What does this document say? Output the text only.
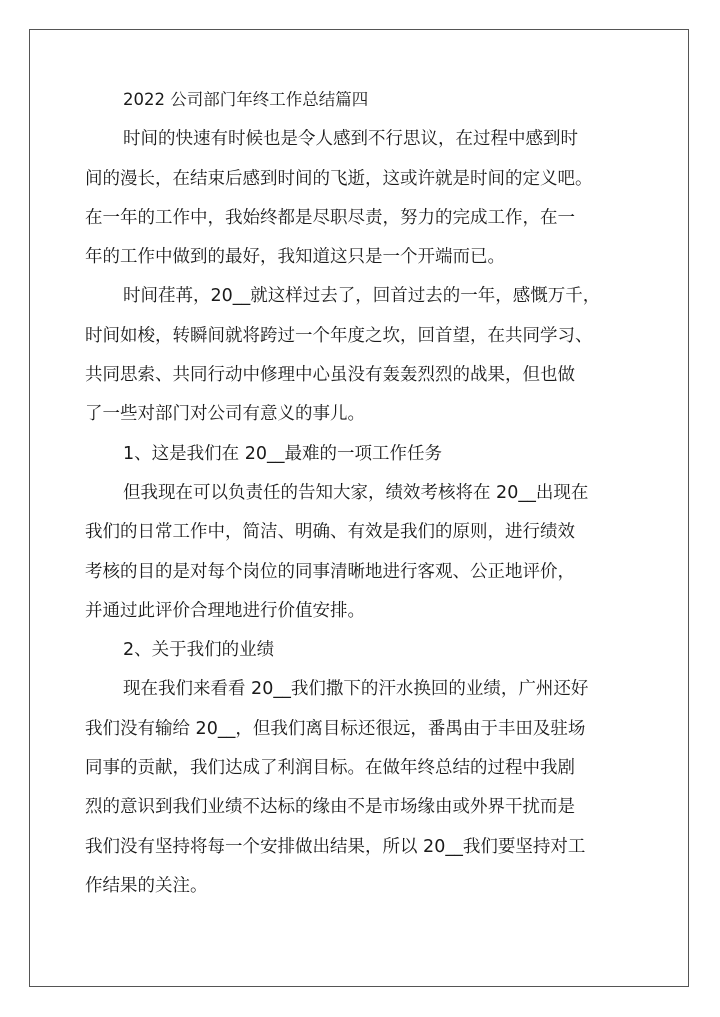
2022 公司部门年终工作总结篇四
时间的快速有时候也是令人感到不行思议，在过程中感到时
间的漫长，在结束后感到时间的飞逝，这或许就是时间的定义吧。
在一年的工作中，我始终都是尽职尽责，努力的完成工作，在一
年的工作中做到的最好，我知道这只是一个开端而已。
时间荏苒，20__就这样过去了，回首过去的一年，感慨万千，
时间如梭，转瞬间就将跨过一个年度之坎，回首望，在共同学习、
共同思索、共同行动中修理中心虽没有轰轰烈烈的战果，但也做
了一些对部门对公司有意义的事儿。
1、这是我们在 20__最难的一项工作任务
但我现在可以负责任的告知大家，绩效考核将在 20__出现在
我们的日常工作中，简洁、明确、有效是我们的原则，进行绩效
考核的目的是对每个岗位的同事清晰地进行客观、公正地评价，
并通过此评价合理地进行价值安排。
2、关于我们的业绩
现在我们来看看 20__我们撒下的汗水换回的业绩，广州还好
我们没有输给 20__，但我们离目标还很远，番禺由于丰田及驻场
同事的贡献，我们达成了利润目标。在做年终总结的过程中我剧
烈的意识到我们业绩不达标的缘由不是市场缘由或外界干扰而是
我们没有坚持将每一个安排做出结果，所以 20__我们要坚持对工
作结果的关注。
